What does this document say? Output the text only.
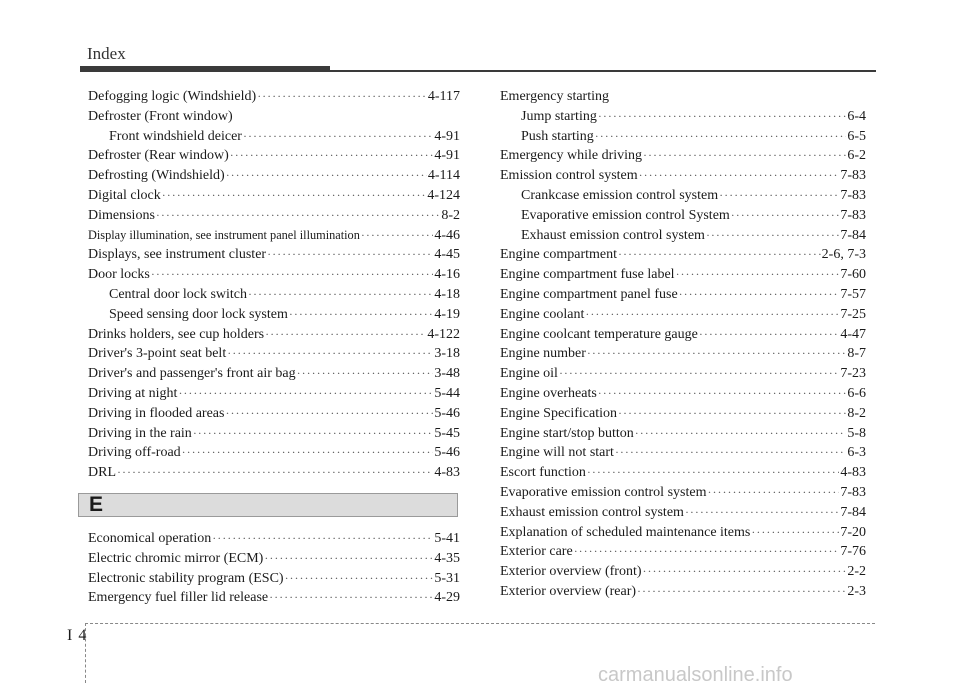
Index
Defogging logic (Windshield) ·····	4-117
Defroster (Front window)
Front windshield deicer ·····	4-91
Defroster (Rear window) ·····	4-91
Defrosting (Windshield) ·····	4-114
Digital clock ·····	4-124
Dimensions ·····	8-2
Display illumination, see instrument panel illumination ·····	4-46
Displays, see instrument cluster ·····	4-45
Door locks ·····	4-16
Central door lock switch ·····	4-18
Speed sensing door lock system ·····	4-19
Drinks holders, see cup holders ·····	4-122
Driver's 3-point seat belt ·····	3-18
Driver's and passenger's front air bag ·····	3-48
Driving at night ·····	5-44
Driving in flooded areas ·····	5-46
Driving in the rain ·····	5-45
Driving off-road ·····	5-46
DRL ·····	4-83
E
Economical operation ·····	5-41
Electric chromic mirror (ECM) ·····	4-35
Electronic stability program (ESC) ·····	5-31
Emergency fuel filler lid release ·····	4-29
Emergency starting
Jump starting ·····	6-4
Push starting ·····	6-5
Emergency while driving ·····	6-2
Emission control system ·····	7-83
Crankcase emission control system ·····	7-83
Evaporative emission control System ·····	7-83
Exhaust emission control system ·····	7-84
Engine compartment ·····	2-6, 7-3
Engine compartment fuse label ·····	7-60
Engine compartment panel fuse ·····	7-57
Engine coolant ·····	7-25
Engine coolcant temperature gauge ·····	4-47
Engine number ·····	8-7
Engine oil ·····	7-23
Engine overheats ·····	6-6
Engine Specification ·····	8-2
Engine start/stop button ·····	5-8
Engine will not start ·····	6-3
Escort function ·····	4-83
Evaporative emission control system ·····	7-83
Exhaust emission control system ·····	7-84
Explanation of scheduled maintenance items ·····	7-20
Exterior care ·····	7-76
Exterior overview (front) ·····	2-2
Exterior overview (rear) ·····	2-3
I4
carmanualsonline.info
